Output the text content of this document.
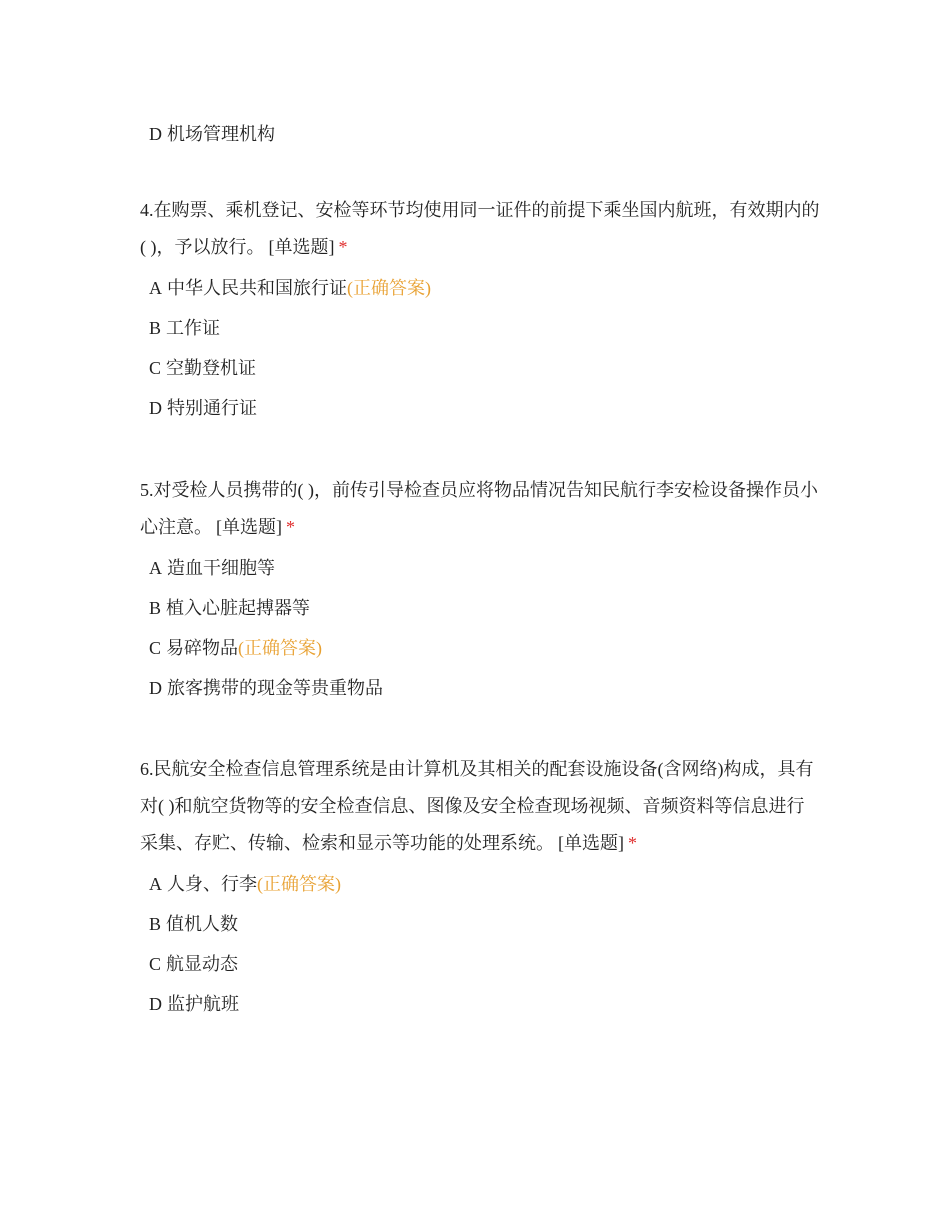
D 机场管理机构

4.在购票、乘机登记、安检等环节均使用同一证件的前提下乘坐国内航班，有效期内的( )，予以放行。 [单选题] *

A 中华人民共和国旅行证(正确答案)
B 工作证
C 空勤登机证
D 特别通行证

5.对受检人员携带的( )，前传引导检查员应将物品情况告知民航行李安检设备操作员小心注意。 [单选题] *

A 造血干细胞等
B 植入心脏起搏器等
C 易碎物品(正确答案)
D 旅客携带的现金等贵重物品

6.民航安全检查信息管理系统是由计算机及其相关的配套设施设备(含网络)构成，具有对( )和航空货物等的安全检查信息、图像及安全检查现场视频、音频资料等信息进行采集、存贮、传输、检索和显示等功能的处理系统。 [单选题] *

A 人身、行李(正确答案)
B 值机人数
C 航显动态
D 监护航班
